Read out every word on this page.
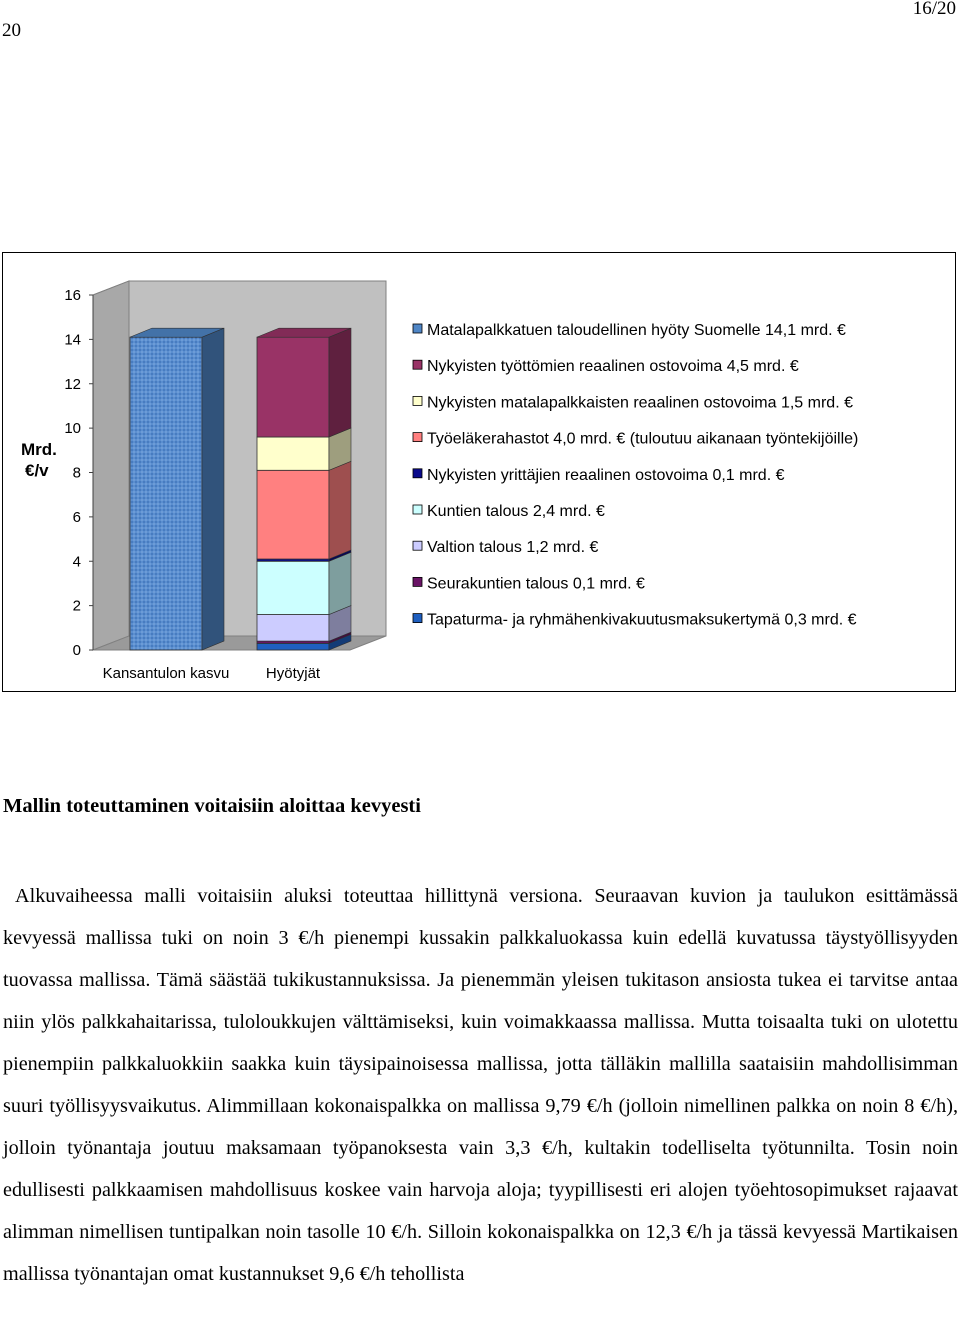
20
16/20
0
2
4
6
8
10
12
14
16
Mrd.
€/v
Kansantulon kasvu Hyötyjät
Matalapalkkatuen taloudellinen hyöty Suomelle 14,1 mrd. €
Nykyisten työttömien reaalinen ostovoima 4,5 mrd. €
Nykyisten matalapalkkaisten reaalinen ostovoima 1,5 mrd. €
Työeläkerahastot 4,0 mrd. € (tuloutuu aikanaan työntekijöille)
Nykyisten yrittäjien reaalinen ostovoima 0,1 mrd. €
Kuntien talous 2,4 mrd. €
Valtion talous 1,2 mrd. €
Seurakuntien talous 0,1 mrd. €
Tapaturma- ja ryhmähenkivakuutusmaksukertymä 0,3 mrd. €
Mallin toteuttaminen voitaisiin aloittaa kevyesti

Alkuvaiheessa malli voitaisiin aluksi toteuttaa hillittynä versiona. Seuraavan kuvion ja taulukon esittämässä kevyessä mallissa tuki on noin 3 €/h pienempi kussakin palkkaluokassa kuin edellä kuvatussa täystyöllisyyden tuovassa mallissa. Tämä säästää tukikustannuksissa. Ja pienemmän yleisen tukitason ansiosta tukea ei tarvitse antaa niin ylös palkkahaitarissa, tuloloukkujen välttämiseksi, kuin voimakkaassa mallissa. Mutta toisaalta tuki on ulotettu pienempiin palkkaluokkiin saakka kuin täysipainoisessa mallissa, jotta tälläkin mallilla saataisiin mahdollisimman suuri työllisyysvaikutus. Alimmillaan kokonaispalkka on mallissa 9,79 €/h (jolloin nimellinen palkka on noin 8 €/h), jolloin työnantaja joutuu maksamaan työpanoksesta vain 3,3 €/h, kultakin todelliselta työtunnilta. Tosin noin edullisesti palkkaamisen mahdollisuus koskee vain harvoja aloja; tyypillisesti eri alojen työehtosopimukset rajaavat alimman nimellisen tuntipalkan noin tasolle 10 €/h. Silloin kokonaispalkka on 12,3 €/h ja tässä kevyessä Martikaisen mallissa työnantajan omat kustannukset 9,6 €/h tehollista
